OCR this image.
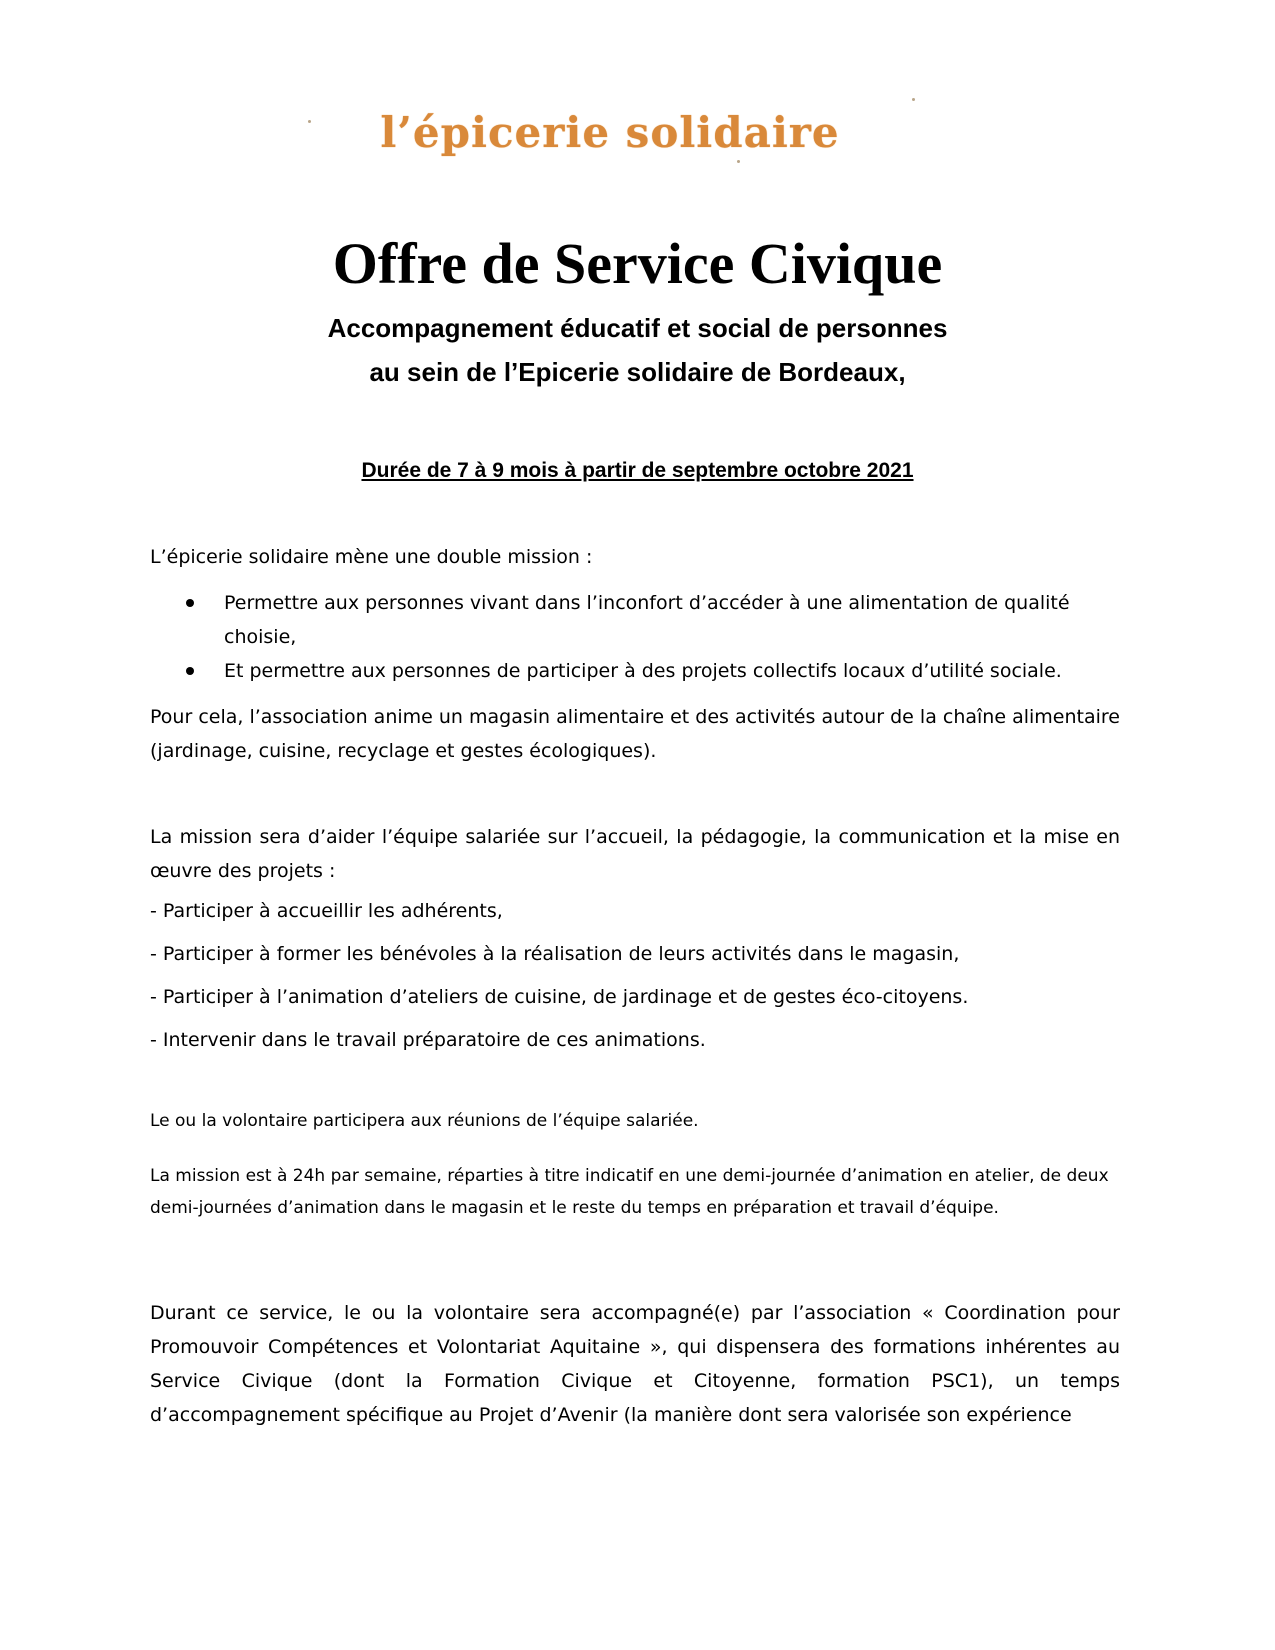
l’épicerie solidaire
Offre de Service Civique
Accompagnement éducatif et social de personnes
au sein de l’Epicerie solidaire de Bordeaux,
Durée de 7 à 9 mois à partir de septembre octobre 2021

L’épicerie solidaire mène une double mission :

Permettre aux personnes vivant dans l’inconfort d’accéder à une alimentation de qualité choisie,
Et permettre aux personnes de participer à des projets collectifs locaux d’utilité sociale.

Pour cela, l’association anime un magasin alimentaire et des activités autour de la chaîne alimentaire (jardinage, cuisine, recyclage et gestes écologiques).

La mission sera d’aider l’équipe salariée sur l’accueil, la pédagogie, la communication et la mise en œuvre des projets :

- Participer à accueillir les adhérents,

- Participer à former les bénévoles à la réalisation de leurs activités dans le magasin,

- Participer à l’animation d’ateliers de cuisine, de jardinage et de gestes éco-citoyens.

- Intervenir dans le travail préparatoire de ces animations.

Le ou la volontaire participera aux réunions de l’équipe salariée.

La mission est à 24h par semaine, réparties à titre indicatif en une demi-journée d’animation en atelier, de deux demi-journées d’animation dans le magasin et le reste du temps en préparation et travail d’équipe.

Durant ce service, le ou la volontaire sera accompagné(e) par l’association « Coordination pour Promouvoir Compétences et Volontariat Aquitaine », qui dispensera des formations inhérentes au Service Civique (dont la Formation Civique et Citoyenne, formation PSC1), un temps d’accompagnement spécifique au Projet d’Avenir (la manière dont sera valorisée son expérience
